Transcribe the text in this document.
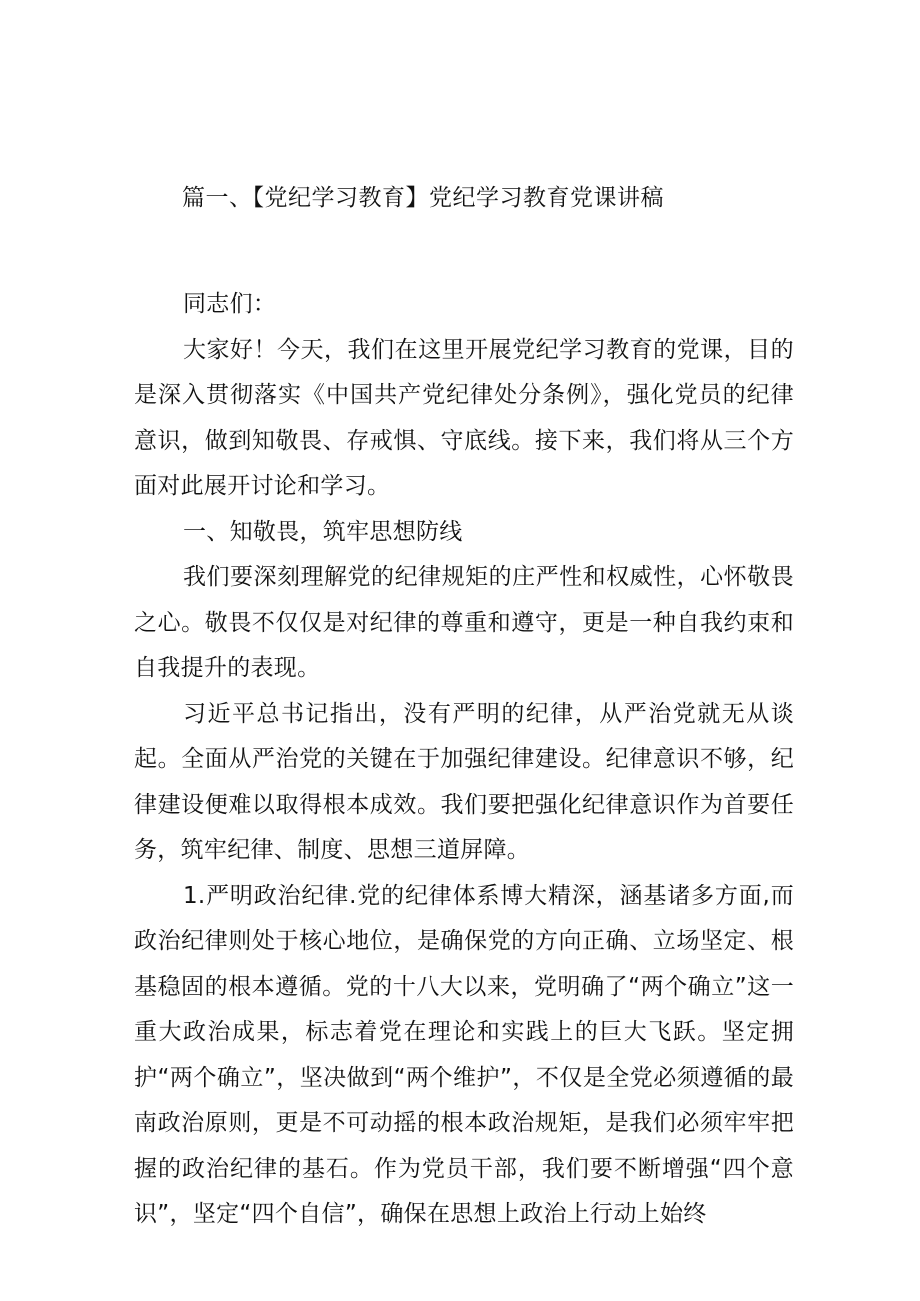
篇一、【党纪学习教育】党纪学习教育党课讲稿

同志们：

大家好！今天，我们在这里开展党纪学习教育的党课，目的是深入贯彻落实《中国共产党纪律处分条例》，强化党员的纪律意识，做到知敬畏、存戒惧、守底线。接下来，我们将从三个方面对此展开讨论和学习。

一、知敬畏，筑牢思想防线

我们要深刻理解党的纪律规矩的庄严性和权威性，心怀敬畏之心。敬畏不仅仅是对纪律的尊重和遵守，更是一种自我约束和自我提升的表现。

习近平总书记指出，没有严明的纪律，从严治党就无从谈起。全面从严治党的关键在于加强纪律建设。纪律意识不够，纪律建设便难以取得根本成效。我们要把强化纪律意识作为首要任务，筑牢纪律、制度、思想三道屏障。

1.严明政治纪律.党的纪律体系博大精深，涵基诸多方面,而政治纪律则处于核心地位，是确保党的方向正确、立场坚定、根基稳固的根本遵循。党的十八大以来，党明确了“两个确立”这一重大政治成果，标志着党在理论和实践上的巨大飞跃。坚定拥护“两个确立”，坚决做到“两个维护”，不仅是全党必须遵循的最南政治原则，更是不可动摇的根本政治规矩，是我们必须牢牢把握的政治纪律的基石。作为党员干部，我们要不断增强“四个意识”，坚定“四个自信”，确保在思想上政治上行动上始终
